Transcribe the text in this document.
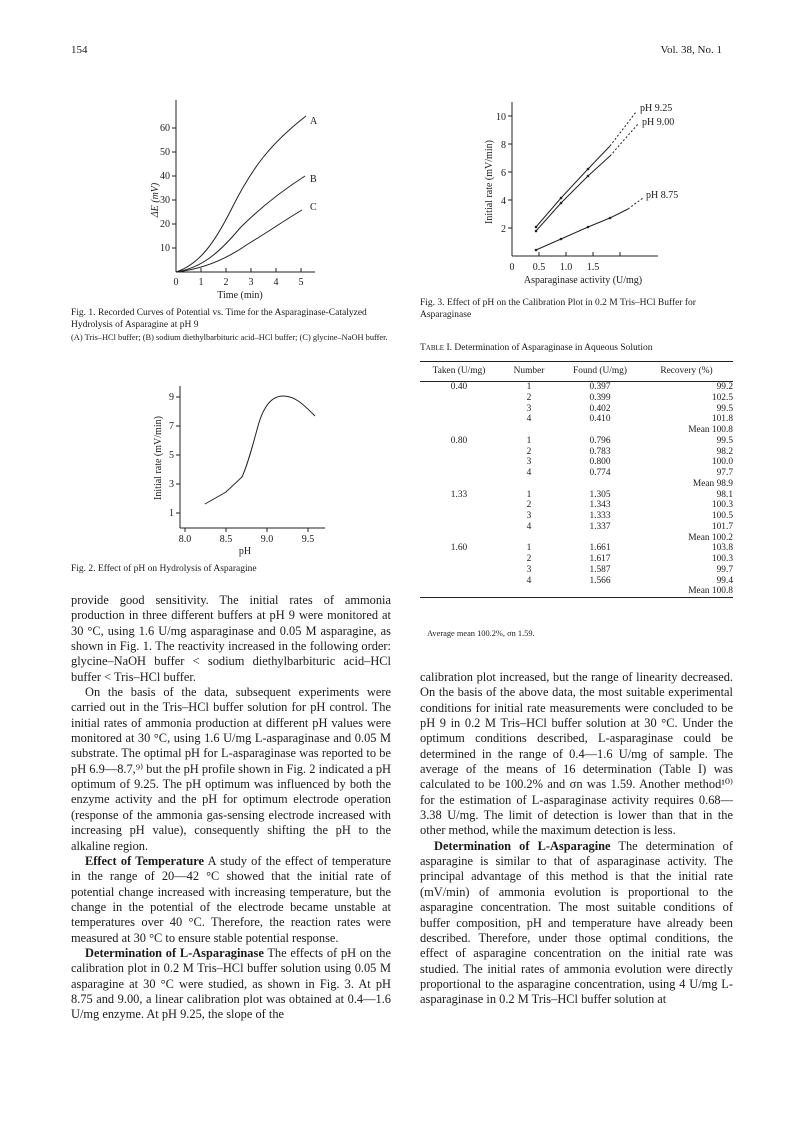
154	Vol. 38, No. 1
10
20
30
40
50
60
0 1 2 3 4 5
Time (min)
ΔE (mV)
A
B
C
Fig. 1. Recorded Curves of Potential vs. Time for the Asparaginase-Catalyzed Hydrolysis of Asparagine at pH 9
(A) Tris–HCl buffer; (B) sodium diethylbarbituric acid–HCl buffer; (C) glycine–NaOH buffer.
1
3
5
7
9
8.0	8.5	9.0	9.5
pH
Initial rate (mV/min)
Fig. 2. Effect of pH on Hydrolysis of Asparagine
2
4
6
8
10
0 0.5 1.0 1.5
Asparaginase activity (U/mg)
Initial rate (mV/min)
pH 9.25
pH 9.00
pH 8.75
Fig. 3. Effect of pH on the Calibration Plot in 0.2 M Tris–HCl Buffer for Asparaginase
Table I. Determination of Asparaginase in Aqueous Solution
Taken (U/mg)	Number	Found (U/mg)	Recovery (%)
0.40	1	0.397	99.2
	2	0.399	102.5
	3	0.402	99.5
	4	0.410	101.8
			Mean 100.8
0.80	1	0.796	99.5
	2	0.783	98.2
	3	0.800	100.0
	4	0.774	97.7
			Mean 98.9
1.33	1	1.305	98.1
	2	1.343	100.3
	3	1.333	100.5
	4	1.337	101.7
			Mean 100.2
1.60	1	1.661	103.8
	2	1.617	100.3
	3	1.587	99.7
	4	1.566	99.4
			Mean 100.8
Average mean 100.2%, σn 1.59.

provide good sensitivity. The initial rates of ammonia production in three different buffers at pH 9 were monitored at 30 °C, using 1.6 U/mg asparaginase and 0.05 M asparagine, as shown in Fig. 1. The reactivity increased in the following order: glycine–NaOH buffer < sodium diethylbarbituric acid–HCl buffer < Tris–HCl buffer.

On the basis of the data, subsequent experiments were carried out in the Tris–HCl buffer solution for pH control. The initial rates of ammonia production at different pH values were monitored at 30 °C, using 1.6 U/mg L-asparaginase and 0.05 M substrate. The optimal pH for L-asparaginase was reported to be pH 6.9—8.7,⁹⁾ but the pH profile shown in Fig. 2 indicated a pH optimum of 9.25. The pH optimum was influenced by both the enzyme activity and the pH for optimum electrode operation (response of the ammonia gas-sensing electrode increased with increasing pH value), consequently shifting the pH to the alkaline region.

Effect of Temperature A study of the effect of temperature in the range of 20—42 °C showed that the initial rate of potential change increased with increasing temperature, but the change in the potential of the electrode became unstable at temperatures over 40 °C. Therefore, the reaction rates were measured at 30 °C to ensure stable potential response.

Determination of L-Asparaginase The effects of pH on the calibration plot in 0.2 M Tris–HCl buffer solution using 0.05 M asparagine at 30 °C were studied, as shown in Fig. 3. At pH 8.75 and 9.00, a linear calibration plot was obtained at 0.4—1.6 U/mg enzyme. At pH 9.25, the slope of the

calibration plot increased, but the range of linearity decreased. On the basis of the above data, the most suitable experimental conditions for initial rate measurements were concluded to be pH 9 in 0.2 M Tris–HCl buffer solution at 30 °C. Under the optimum conditions described, L-asparaginase could be determined in the range of 0.4—1.6 U/mg of sample. The average of the means of 16 determination (Table I) was calculated to be 100.2% and σn was 1.59. Another method¹⁰⁾ for the estimation of L-asparaginase activity requires 0.68—3.38 U/mg. The limit of detection is lower than that in the other method, while the maximum detection is less.

Determination of L-Asparagine The determination of asparagine is similar to that of asparaginase activity. The principal advantage of this method is that the initial rate (mV/min) of ammonia evolution is proportional to the asparagine concentration. The most suitable conditions of buffer composition, pH and temperature have already been described. Therefore, under those optimal conditions, the effect of asparagine concentration on the initial rate was studied. The initial rates of ammonia evolution were directly proportional to the asparagine concentration, using 4 U/mg L-asparaginase in 0.2 M Tris–HCl buffer solution at
